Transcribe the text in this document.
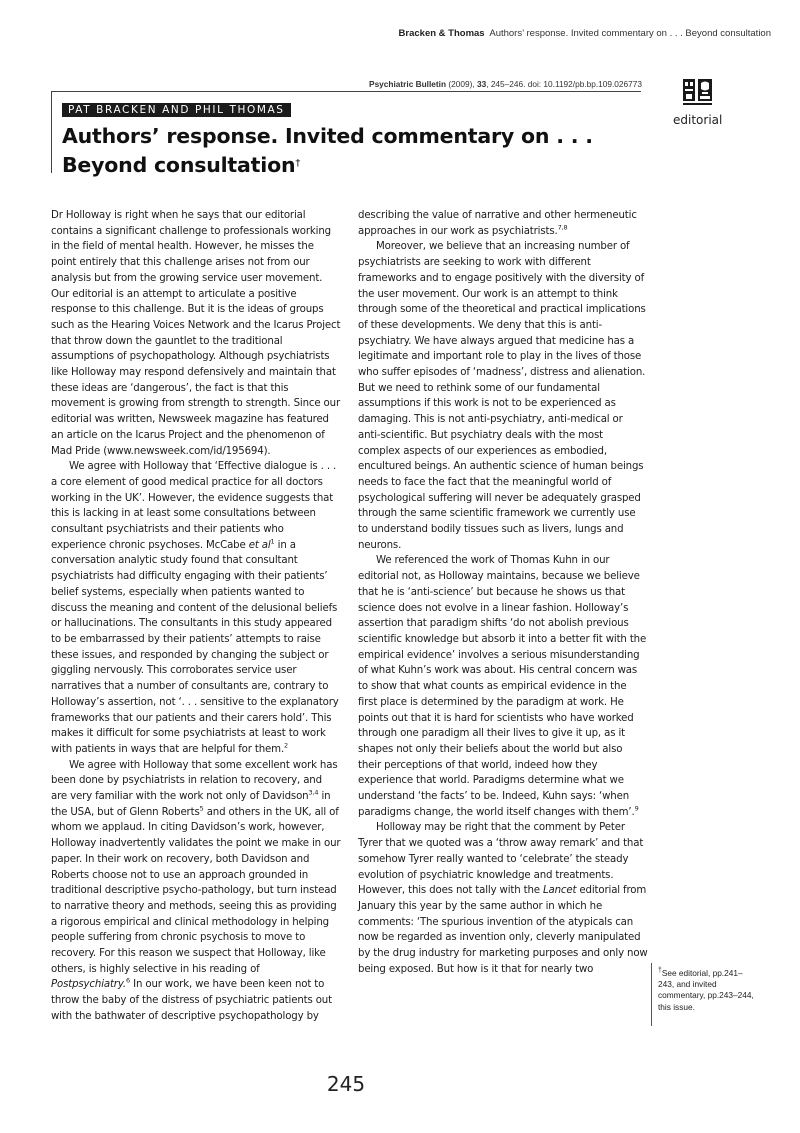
Bracken & Thomas Authors’ response. Invited commentary on . . . Beyond consultation
Psychiatric Bulletin (2009), 33, 245–246. doi: 10.1192/pb.bp.109.026773
editorial
PAT BRACKEN AND PHIL THOMAS
Authors’ response. Invited commentary on . . .
Beyond consultation†

Dr Holloway is right when he says that our editorial contains a significant challenge to professionals working in the field of mental health. However, he misses the point entirely that this challenge arises not from our analysis but from the growing service user movement. Our editorial is an attempt to articulate a positive response to this challenge. But it is the ideas of groups such as the Hearing Voices Network and the Icarus Project that throw down the gauntlet to the traditional assumptions of psychopathology. Although psychiatrists like Holloway may respond defensively and maintain that these ideas are ‘dangerous’, the fact is that this movement is growing from strength to strength. Since our editorial was written, Newsweek magazine has featured an article on the Icarus Project and the phenomenon of Mad Pride (www.newsweek.com/id/195694).

We agree with Holloway that ‘Effective dialogue is . . . a core element of good medical practice for all doctors working in the UK’. However, the evidence suggests that this is lacking in at least some consultations between consultant psychiatrists and their patients who experience chronic psychoses. McCabe et $al^1$ in a conversation analytic study found that consultant psychiatrists had difficulty engaging with their patients’ belief systems, especially when patients wanted to discuss the meaning and content of the delusional beliefs or hallucinations. The consultants in this study appeared to be embarrassed by their patients’ attempts to raise these issues, and responded by changing the subject or giggling nervously. This corroborates service user narratives that a number of consultants are, contrary to Holloway’s assertion, not ‘. . . sensitive to the explanatory frameworks that our patients and their carers hold’. This makes it difficult for some psychiatrists at least to work with patients in ways that are helpful for them.$^2$

We agree with Holloway that some excellent work has been done by psychiatrists in relation to recovery, and are very familiar with the work not only of Davidson$^{3,4}$ in the USA, but of Glenn Roberts$^5$ and others in the UK, all of whom we applaud. In citing Davidson’s work, however, Holloway inadvertently validates the point we make in our paper. In their work on recovery, both Davidson and Roberts choose not to use an approach grounded in traditional descriptive psycho-pathology, but turn instead to narrative theory and methods, seeing this as providing a rigorous empirical and clinical methodology in helping people suffering from chronic psychosis to move to recovery. For this reason we suspect that Holloway, like others, is highly selective in his reading of Postpsychiatry.$^6$ In our work, we have been keen not to throw the baby of the distress of psychiatric patients out with the bathwater of descriptive psychopathology by

describing the value of narrative and other hermeneutic approaches in our work as psychiatrists.$^{7,8}$

Moreover, we believe that an increasing number of psychiatrists are seeking to work with different frameworks and to engage positively with the diversity of the user movement. Our work is an attempt to think through some of the theoretical and practical implications of these developments. We deny that this is anti-psychiatry. We have always argued that medicine has a legitimate and important role to play in the lives of those who suffer episodes of ‘madness’, distress and alienation. But we need to rethink some of our fundamental assumptions if this work is not to be experienced as damaging. This is not anti-psychiatry, anti-medical or anti-scientific. But psychiatry deals with the most complex aspects of our experiences as embodied, encultured beings. An authentic science of human beings needs to face the fact that the meaningful world of psychological suffering will never be adequately grasped through the same scientific framework we currently use to understand bodily tissues such as livers, lungs and neurons.

We referenced the work of Thomas Kuhn in our editorial not, as Holloway maintains, because we believe that he is ‘anti-science’ but because he shows us that science does not evolve in a linear fashion. Holloway’s assertion that paradigm shifts ‘do not abolish previous scientific knowledge but absorb it into a better fit with the empirical evidence’ involves a serious misunderstanding of what Kuhn’s work was about. His central concern was to show that what counts as empirical evidence in the first place is determined by the paradigm at work. He points out that it is hard for scientists who have worked through one paradigm all their lives to give it up, as it shapes not only their beliefs about the world but also their perceptions of that world, indeed how they experience that world. Paradigms determine what we understand ‘the facts’ to be. Indeed, Kuhn says: ‘when paradigms change, the world itself changes with them’.$^9$

Holloway may be right that the comment by Peter Tyrer that we quoted was a ‘throw away remark’ and that somehow Tyrer really wanted to ‘celebrate’ the steady evolution of psychiatric knowledge and treatments. However, this does not tally with the Lancet editorial from January this year by the same author in which he comments: ‘The spurious invention of the atypicals can now be regarded as invention only, cleverly manipulated by the drug industry for marketing purposes and only now being exposed. But how is it that for nearly two	†See editorial, pp.241–243, and invited commentary, pp.243–244, this issue.
245
